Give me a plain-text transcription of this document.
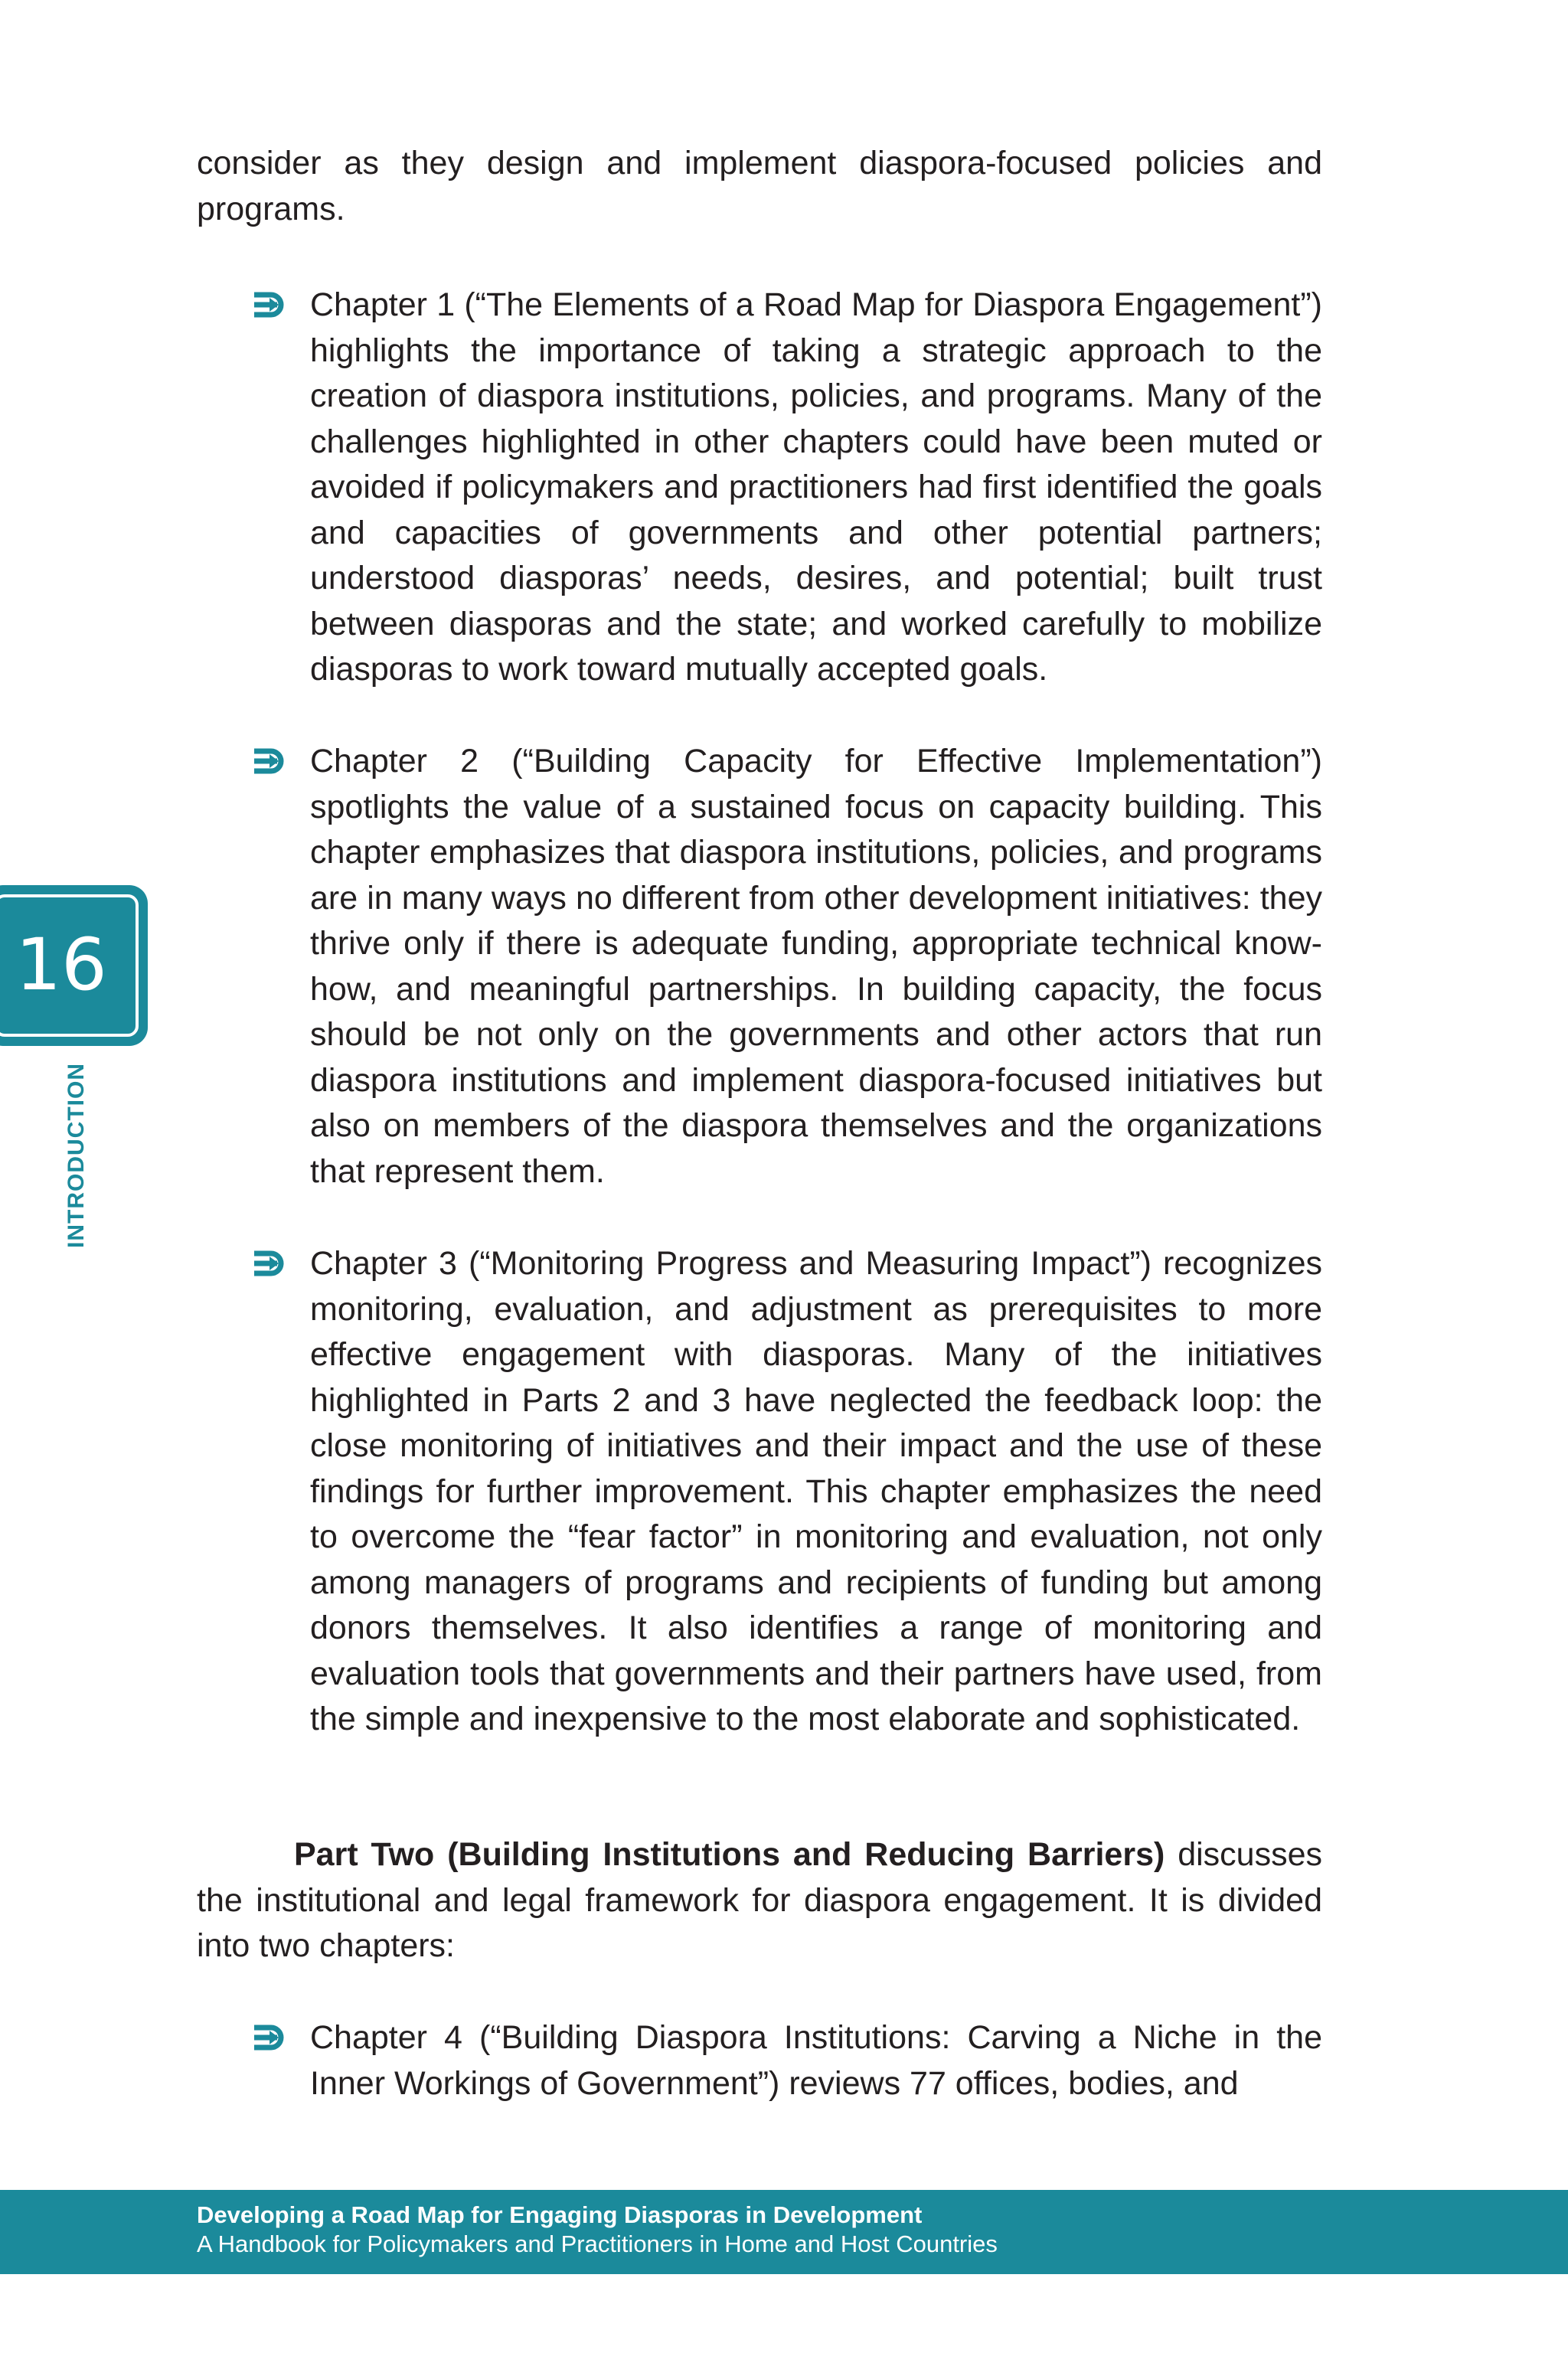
consider as they design and implement diaspora-focused policies and programs.
Chapter 1 (“The Elements of a Road Map for Diaspora Engagement”) highlights the importance of taking a strategic approach to the creation of diaspora institutions, policies, and programs. Many of the challenges highlighted in other chapters could have been muted or avoided if policymakers and practitioners had first identified the goals and capacities of governments and other potential partners; understood diasporas’ needs, desires, and potential; built trust between diasporas and the state; and worked carefully to mobilize diasporas to work toward mutually accepted goals.
Chapter 2 (“Building Capacity for Effective Implementation”) spotlights the value of a sustained focus on capacity building. This chapter emphasizes that diaspora institutions, policies, and programs are in many ways no different from other development initiatives: they thrive only if there is adequate funding, appropriate technical know-how, and meaningful partnerships. In building capacity, the focus should be not only on the governments and other actors that run diaspora institutions and implement diaspora-focused initiatives but also on members of the diaspora themselves and the organizations that represent them.
Chapter 3 (“Monitoring Progress and Measuring Impact”) recognizes monitoring, evaluation, and adjustment as prerequisites to more effective engagement with diasporas. Many of the initiatives highlighted in Parts 2 and 3 have neglected the feedback loop: the close monitoring of initiatives and their impact and the use of these findings for further improvement. This chapter emphasizes the need to overcome the “fear factor” in monitoring and evaluation, not only among managers of programs and recipients of funding but among donors themselves. It also identifies a range of monitoring and evaluation tools that governments and their partners have used, from the simple and inexpensive to the most elaborate and sophisticated.
Part Two (Building Institutions and Reducing Barriers) discusses the institutional and legal framework for diaspora engagement. It is divided into two chapters:
Chapter 4 (“Building Diaspora Institutions: Carving a Niche in the Inner Workings of Government”) reviews 77 offices, bodies, and
16
INTRODUCTION
Developing a Road Map for Engaging Diasporas in Development
A Handbook for Policymakers and Practitioners in Home and Host Countries
